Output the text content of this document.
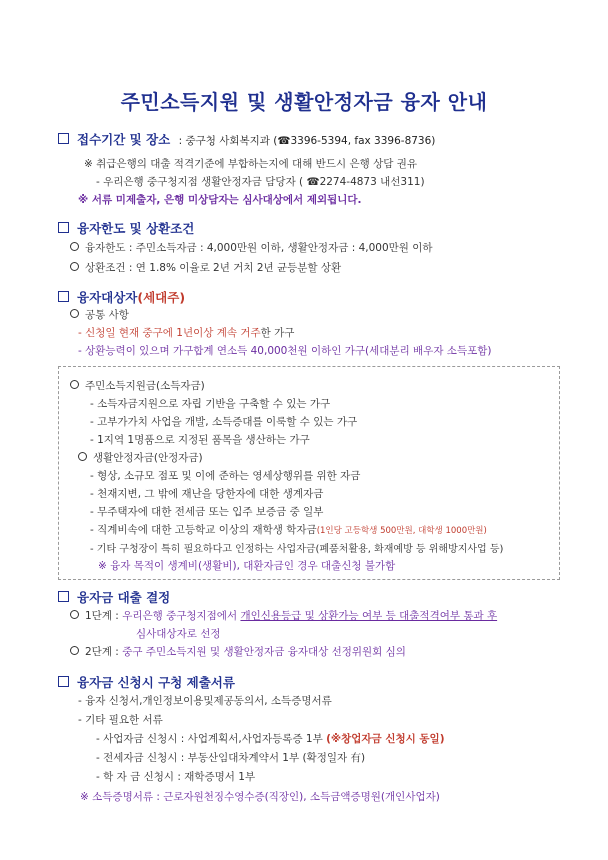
주민소득지원 및 생활안정자금 융자 안내
접수기간 및 장소 : 중구청 사회복지과 (☎3396-5394, fax 3396-8736)
※ 취급은행의 대출 적격기준에 부합하는지에 대해 반드시 은행 상담 권유
- 우리은행 중구청지점 생활안정자금 담당자 ( ☎2274-4873 내선311)
※ 서류 미제출자, 은행 미상담자는 심사대상에서 제외됩니다.
융자한도 및 상환조건
융자한도 : 주민소득자금 : 4,000만원 이하, 생활안정자금 : 4,000만원 이하
상환조건 : 연 1.8% 이율로 2년 거치 2년 균등분할 상환
융자대상자(세대주)
공통 사항
- 신청일 현재 중구에 1년이상 계속 거주한 가구
- 상환능력이 있으며 가구합계 연소득 40,000천원 이하인 가구(세대분리 배우자 소득포함)
주민소득지원금(소득자금)
- 소득자금지원으로 자립 기반을 구축할 수 있는 가구
- 고부가가치 사업을 개발, 소득증대를 이룩할 수 있는 가구
- 1지역 1명품으로 지정된 품목을 생산하는 가구
생활안정자금(안정자금)
- 형상, 소규모 점포 및 이에 준하는 영세상행위를 위한 자금
- 천재지변, 그 밖에 재난을 당한자에 대한 생계자금
- 무주택자에 대한 전세금 또는 입주 보증금 중 일부
- 직계비속에 대한 고등학교 이상의 재학생 학자금(1인당 고등학생 500만원, 대학생 1000만원)
- 기타 구청장이 특히 필요하다고 인정하는 사업자금(폐품처활용, 화재예방 등 위해방지사업 등)
※ 융자 목적이 생계비(생활비), 대환자금인 경우 대출신청 불가함
융자금 대출 결정
1단계 : 우리은행 중구청지점에서 개인신용등급 및 상환가능 여부 등 대출적격여부 통과 후
심사대상자로 선정
2단계 : 중구 주민소득지원 및 생활안정자금 융자대상 선정위원회 심의
융자금 신청시 구청 제출서류
- 융자 신청서,개인정보이용및제공동의서, 소득증명서류
- 기타 필요한 서류
- 사업자금 신청시 : 사업계획서,사업자등록증 1부 (※창업자금 신청시 동일)
- 전세자금 신청시 : 부동산임대차계약서 1부 (확정일자 有)
- 학 자 금 신청시 : 재학증명서 1부
※ 소득증명서류 : 근로자원천징수영수증(직장인), 소득금액증명원(개인사업자)
